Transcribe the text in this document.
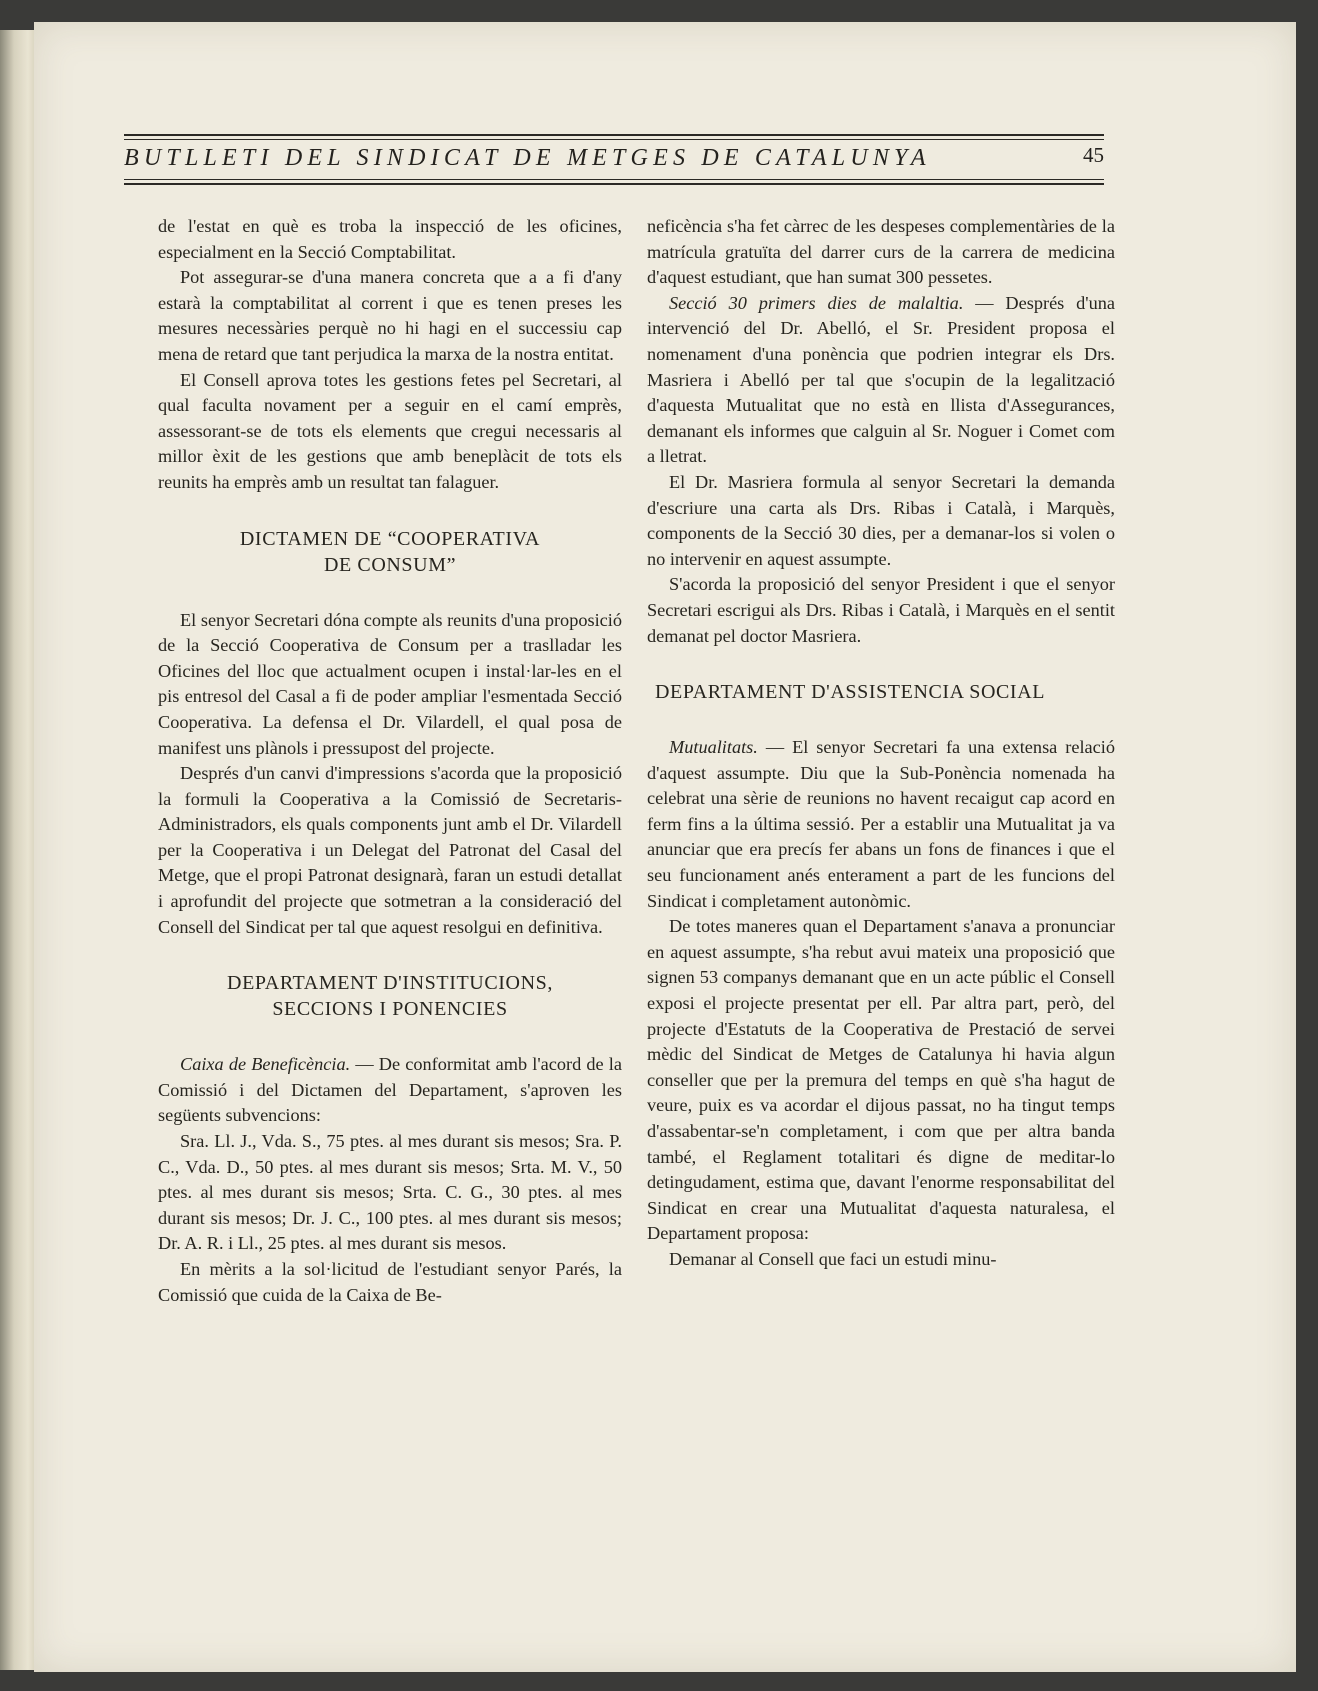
BUTLLETI DEL SINDICAT DE METGES DE CATALUNYA	45

de l'estat en què es troba la inspecció de les oficines, especialment en la Secció Comptabilitat.

Pot assegurar-se d'una manera concreta que a a fi d'any estarà la comptabilitat al corrent i que es tenen preses les mesures necessàries perquè no hi hagi en el successiu cap mena de retard que tant perjudica la marxa de la nostra entitat.

El Consell aprova totes les gestions fetes pel Secretari, al qual faculta novament per a seguir en el camí emprès, assessorant-se de tots els elements que cregui necessaris al millor èxit de les gestions que amb beneplàcit de tots els reunits ha emprès amb un resultat tan falaguer.

DICTAMEN DE “COOPERATIVA
DE CONSUM”

El senyor Secretari dóna compte als reunits d'una proposició de la Secció Cooperativa de Consum per a traslladar les Oficines del lloc que actualment ocupen i instal·lar-les en el pis entresol del Casal a fi de poder ampliar l'esmentada Secció Cooperativa. La defensa el Dr. Vilardell, el qual posa de manifest uns plànols i pressupost del projecte.

Després d'un canvi d'impressions s'acorda que la proposició la formuli la Cooperativa a la Comissió de Secretaris-Administradors, els quals components junt amb el Dr. Vilardell per la Cooperativa i un Delegat del Patronat del Casal del Metge, que el propi Patronat designarà, faran un estudi detallat i aprofundit del projecte que sotmetran a la consideració del Consell del Sindicat per tal que aquest resolgui en definitiva.

DEPARTAMENT D'INSTITUCIONS,
SECCIONS I PONENCIES

Caixa de Beneficència. — De conformitat amb l'acord de la Comissió i del Dictamen del Departament, s'aproven les següents subvencions:

Sra. Ll. J., Vda. S., 75 ptes. al mes durant sis mesos; Sra. P. C., Vda. D., 50 ptes. al mes durant sis mesos; Srta. M. V., 50 ptes. al mes durant sis mesos; Srta. C. G., 30 ptes. al mes durant sis mesos; Dr. J. C., 100 ptes. al mes durant sis mesos; Dr. A. R. i Ll., 25 ptes. al mes durant sis mesos.

En mèrits a la sol·licitud de l'estudiant senyor Parés, la Comissió que cuida de la Caixa de Be-

neficència s'ha fet càrrec de les despeses complementàries de la matrícula gratuïta del darrer curs de la carrera de medicina d'aquest estudiant, que han sumat 300 pessetes.

Secció 30 primers dies de malaltia. — Després d'una intervenció del Dr. Abelló, el Sr. President proposa el nomenament d'una ponència que podrien integrar els Drs. Masriera i Abelló per tal que s'ocupin de la legalització d'aquesta Mutualitat que no està en llista d'Assegurances, demanant els informes que calguin al Sr. Noguer i Comet com a lletrat.

El Dr. Masriera formula al senyor Secretari la demanda d'escriure una carta als Drs. Ribas i Català, i Marquès, components de la Secció 30 dies, per a demanar-los si volen o no intervenir en aquest assumpte.

S'acorda la proposició del senyor President i que el senyor Secretari escrigui als Drs. Ribas i Català, i Marquès en el sentit demanat pel doctor Masriera.

DEPARTAMENT D'ASSISTENCIA SOCIAL

Mutualitats. — El senyor Secretari fa una extensa relació d'aquest assumpte. Diu que la Sub-Ponència nomenada ha celebrat una sèrie de reunions no havent recaigut cap acord en ferm fins a la última sessió. Per a establir una Mutualitat ja va anunciar que era precís fer abans un fons de finances i que el seu funcionament anés enterament a part de les funcions del Sindicat i completament autonòmic.

De totes maneres quan el Departament s'anava a pronunciar en aquest assumpte, s'ha rebut avui mateix una proposició que signen 53 companys demanant que en un acte públic el Consell exposi el projecte presentat per ell. Par altra part, però, del projecte d'Estatuts de la Cooperativa de Prestació de servei mèdic del Sindicat de Metges de Catalunya hi havia algun conseller que per la premura del temps en què s'ha hagut de veure, puix es va acordar el dijous passat, no ha tingut temps d'assabentar-se'n completament, i com que per altra banda també, el Reglament totalitari és digne de meditar-lo detingudament, estima que, davant l'enorme responsabilitat del Sindicat en crear una Mutualitat d'aquesta naturalesa, el Departament proposa:

Demanar al Consell que faci un estudi minu-
